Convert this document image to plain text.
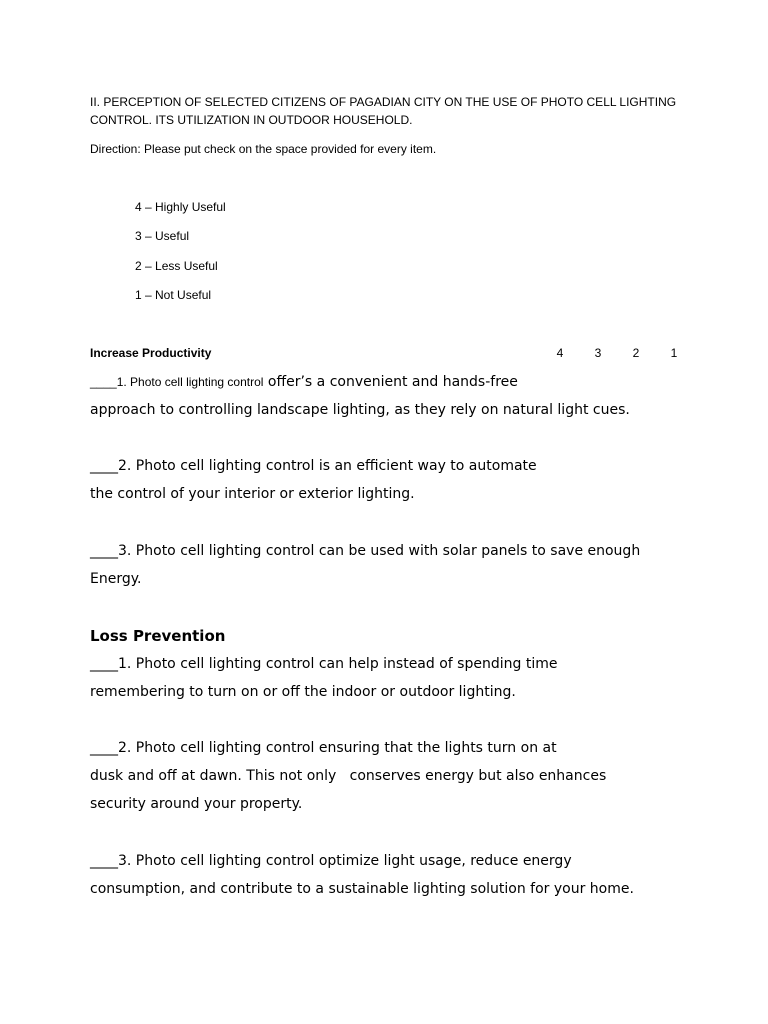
II. PERCEPTION OF SELECTED CITIZENS OF PAGADIAN CITY ON THE USE OF PHOTO CELL LIGHTING
CONTROL. ITS UTILIZATION IN OUTDOOR HOUSEHOLD.
Direction: Please put check on the space provided for every item.
4 – Highly Useful
3 – Useful
2 – Less Useful
1 – Not Useful
Increase Productivity	4	3	2	1
____1. Photo cell lighting control offer’s a convenient and hands-free
approach to controlling landscape lighting, as they rely on natural light cues.
____2. Photo cell lighting control is an efficient way to automate
the control of your interior or exterior lighting.
____3. Photo cell lighting control can be used with solar panels to save enough
Energy.
Loss Prevention
____1. Photo cell lighting control can help instead of spending time
remembering to turn on or off the indoor or outdoor lighting.
____2. Photo cell lighting control ensuring that the lights turn on at
dusk and off at dawn. This not only   conserves energy but also enhances
security around your property.
____3. Photo cell lighting control optimize light usage, reduce energy
consumption, and contribute to a sustainable lighting solution for your home.
